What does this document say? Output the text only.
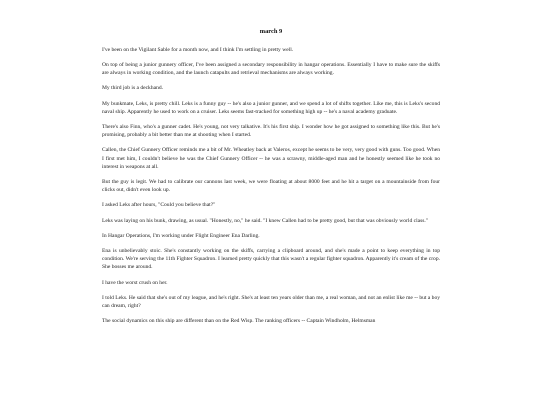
march 9

I've been on the Vigilant Sable for a month now, and I think I'm settling in pretty well.

On top of being a junior gunnery officer, I've been assigned a secondary responsibility in hangar operations. Essentially I have to make sure the skiffs are always in working condition, and the launch catapults and retrieval mechanisms are always working.

My third job is a deckhand.

My bunkmate, Leks, is pretty chill. Leks is a funny guy -- he's also a junior gunner, and we spend a lot of shifts together. Like me, this is Leks's second naval ship. Apparently he used to work on a cruiser. Leks seems fast-tracked for something high up -- he's a naval academy graduate.

There's also Finn, who's a gunner cadet. He's young, not very talkative. It's his first ship. I wonder how he got assigned to something like this. But he's promising, probably a bit better than me at shooting when I started.

Callen, the Chief Gunnery Officer reminds me a bit of Mr. Wheatley back at Valeros, except he seems to be very, very good with guns. Too good. When I first met him, I couldn't believe he was the Chief Gunnery Officer -- he was a scrawny, middle-aged man and he honestly seemed like he took no interest in weapons at all.

But the guy is legit. We had to calibrate our cannons last week, we were floating at about 8000 feet and he hit a target on a mountainside from four clicks out, didn't even look up.

I asked Leks after hours, "Could you believe that?"

Leks was laying on his bunk, drawing, as usual. "Honestly, no," he said. "I knew Callen had to be pretty good, but that was obviously world class."

In Hangar Operations, I'm working under Flight Engineer Ena Darling.

Ena is unbelievably stoic. She's constantly working on the skiffs, carrying a clipboard around, and she's made a point to keep everything in top condition. We're serving the 11th Fighter Squadron. I learned pretty quickly that this wasn't a regular fighter squadron. Apparently it's cream of the crop. She bosses me around.

I have the worst crush on her.

I told Leks. He said that she's out of my league, and he's right. She's at least ten years older than me, a real woman, and not an enlist like me -- but a boy can dream, right?

The social dynamics on this ship are different than on the Red Wisp. The ranking officers -- Captain Windholm, Helmsman
